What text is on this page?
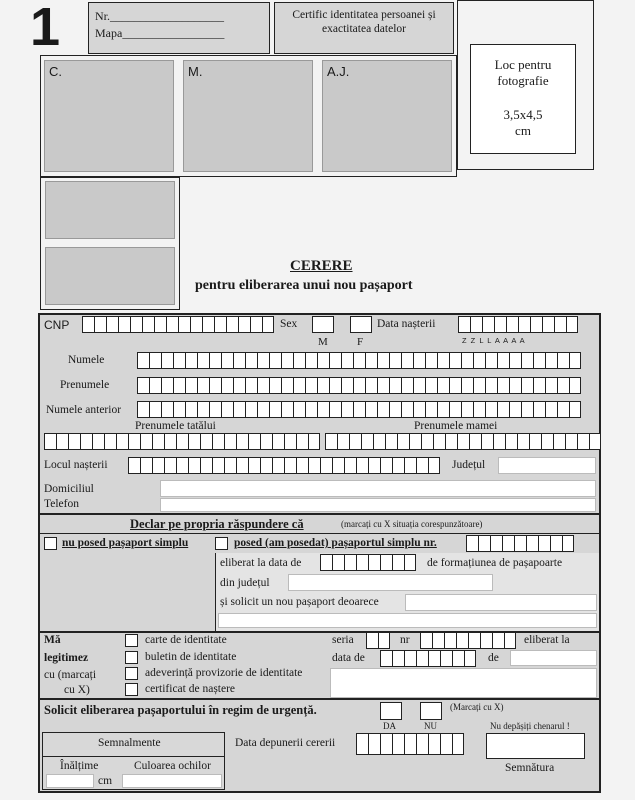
1	Nr.___________________
Mapa_________________
Certific identitatea persoanei și
exactitatea datelor
Loc pentru
fotografie
3,5x4,5
cm
C.	M.	A.J.
CERERE
pentru eliberarea unui nou pașaport
CNP	Sex
M	F
Data nașterii
Z Z L L A A A A
Numele
Prenumele
Numele anterior
Prenumele tatălui	Prenumele mamei
Locul nașterii	Județul
Domiciliul
Telefon
Declar pe propria răspundere că	(marcați cu X situația corespunzătoare)
nu posed pașaport simplu	posed (am posedat) pașaportul simplu nr.
eliberat la data de	de formațiunea de pașapoarte
din județul
și solicit un nou pașaport deoarece
Mă
legitimez
cu (marcați
cu X)
carte de identitate
buletin de identitate
adeverință provizorie de identitate
certificat de naștere
seria	nr	eliberat la
data de	de
Solicit eliberarea pașaportului în regim de urgență.	(Marcați cu X)
DA	NU	Nu depășiți chenarul !
Semnalmente
Înălțime	Culoarea ochilor
cm
Data depunerii cererii
Semnătura
